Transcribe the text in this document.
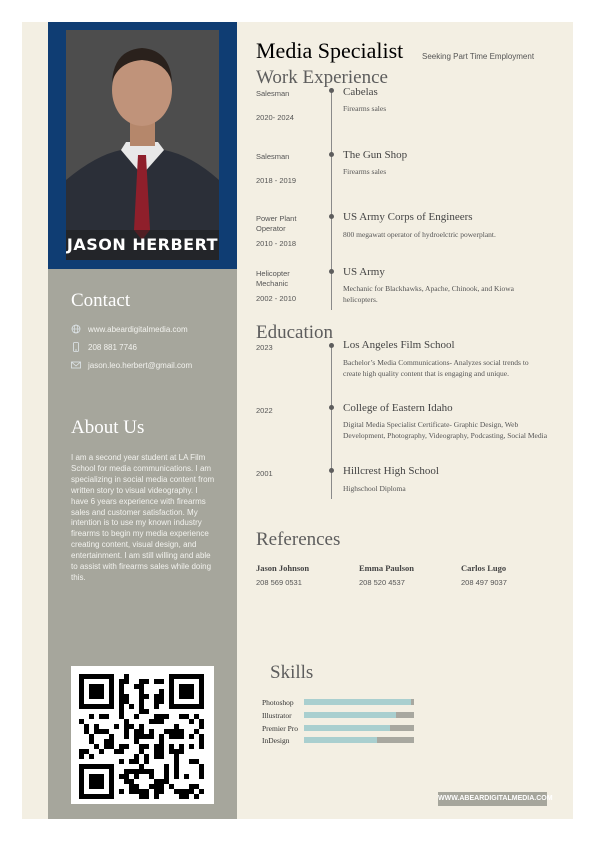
JASON HERBERT
Contact
www.abeardigitalmedia.com
208 881 7746
jason.leo.herbert@gmail.com
About Us
I am a second year student at LA Film School for media communications. I am specializing in social media content from written story to visual videography. I have 6 years experience with firearms sales and customer satisfaction. My intention is to use my known industry firearms to begin my media experience creating content, visual design, and entertainment. I am still willing and able to assist with firearms sales while doing this.
Media Specialist Seeking Part Time Employment
Work Experience
Salesman
2020- 2024
Cabelas
Firearms sales
Salesman
2018 - 2019
The Gun Shop
Firearms sales
Power Plant Operator
2010 - 2018
US Army Corps of Engineers
800 megawatt operator of hydroelctric powerplant.
Helicopter Mechanic
2002 - 2010
US Army
Mechanic for Blackhawks, Apache, Chinook, and Kiowa helicopters.
Education
2023	Los Angeles Film School
Bachelor’s Media Communications- Analyzes social trends to create high quality content that is engaging and unique.
2022	College of Eastern Idaho
Digital Media Specialist Certificate- Graphic Design, Web Development, Photography, Videography, Podcasting, Social Media
2001	Hillcrest High School
Highschool Diploma
References
Jason Johnson
208 569 0531
Emma Paulson
208 520 4537
Carlos Lugo
208 497 9037
Skills
Photoshop
Illustrator
Premier Pro
InDesign
WWW.ABEARDIGITALMEDIA.COM
